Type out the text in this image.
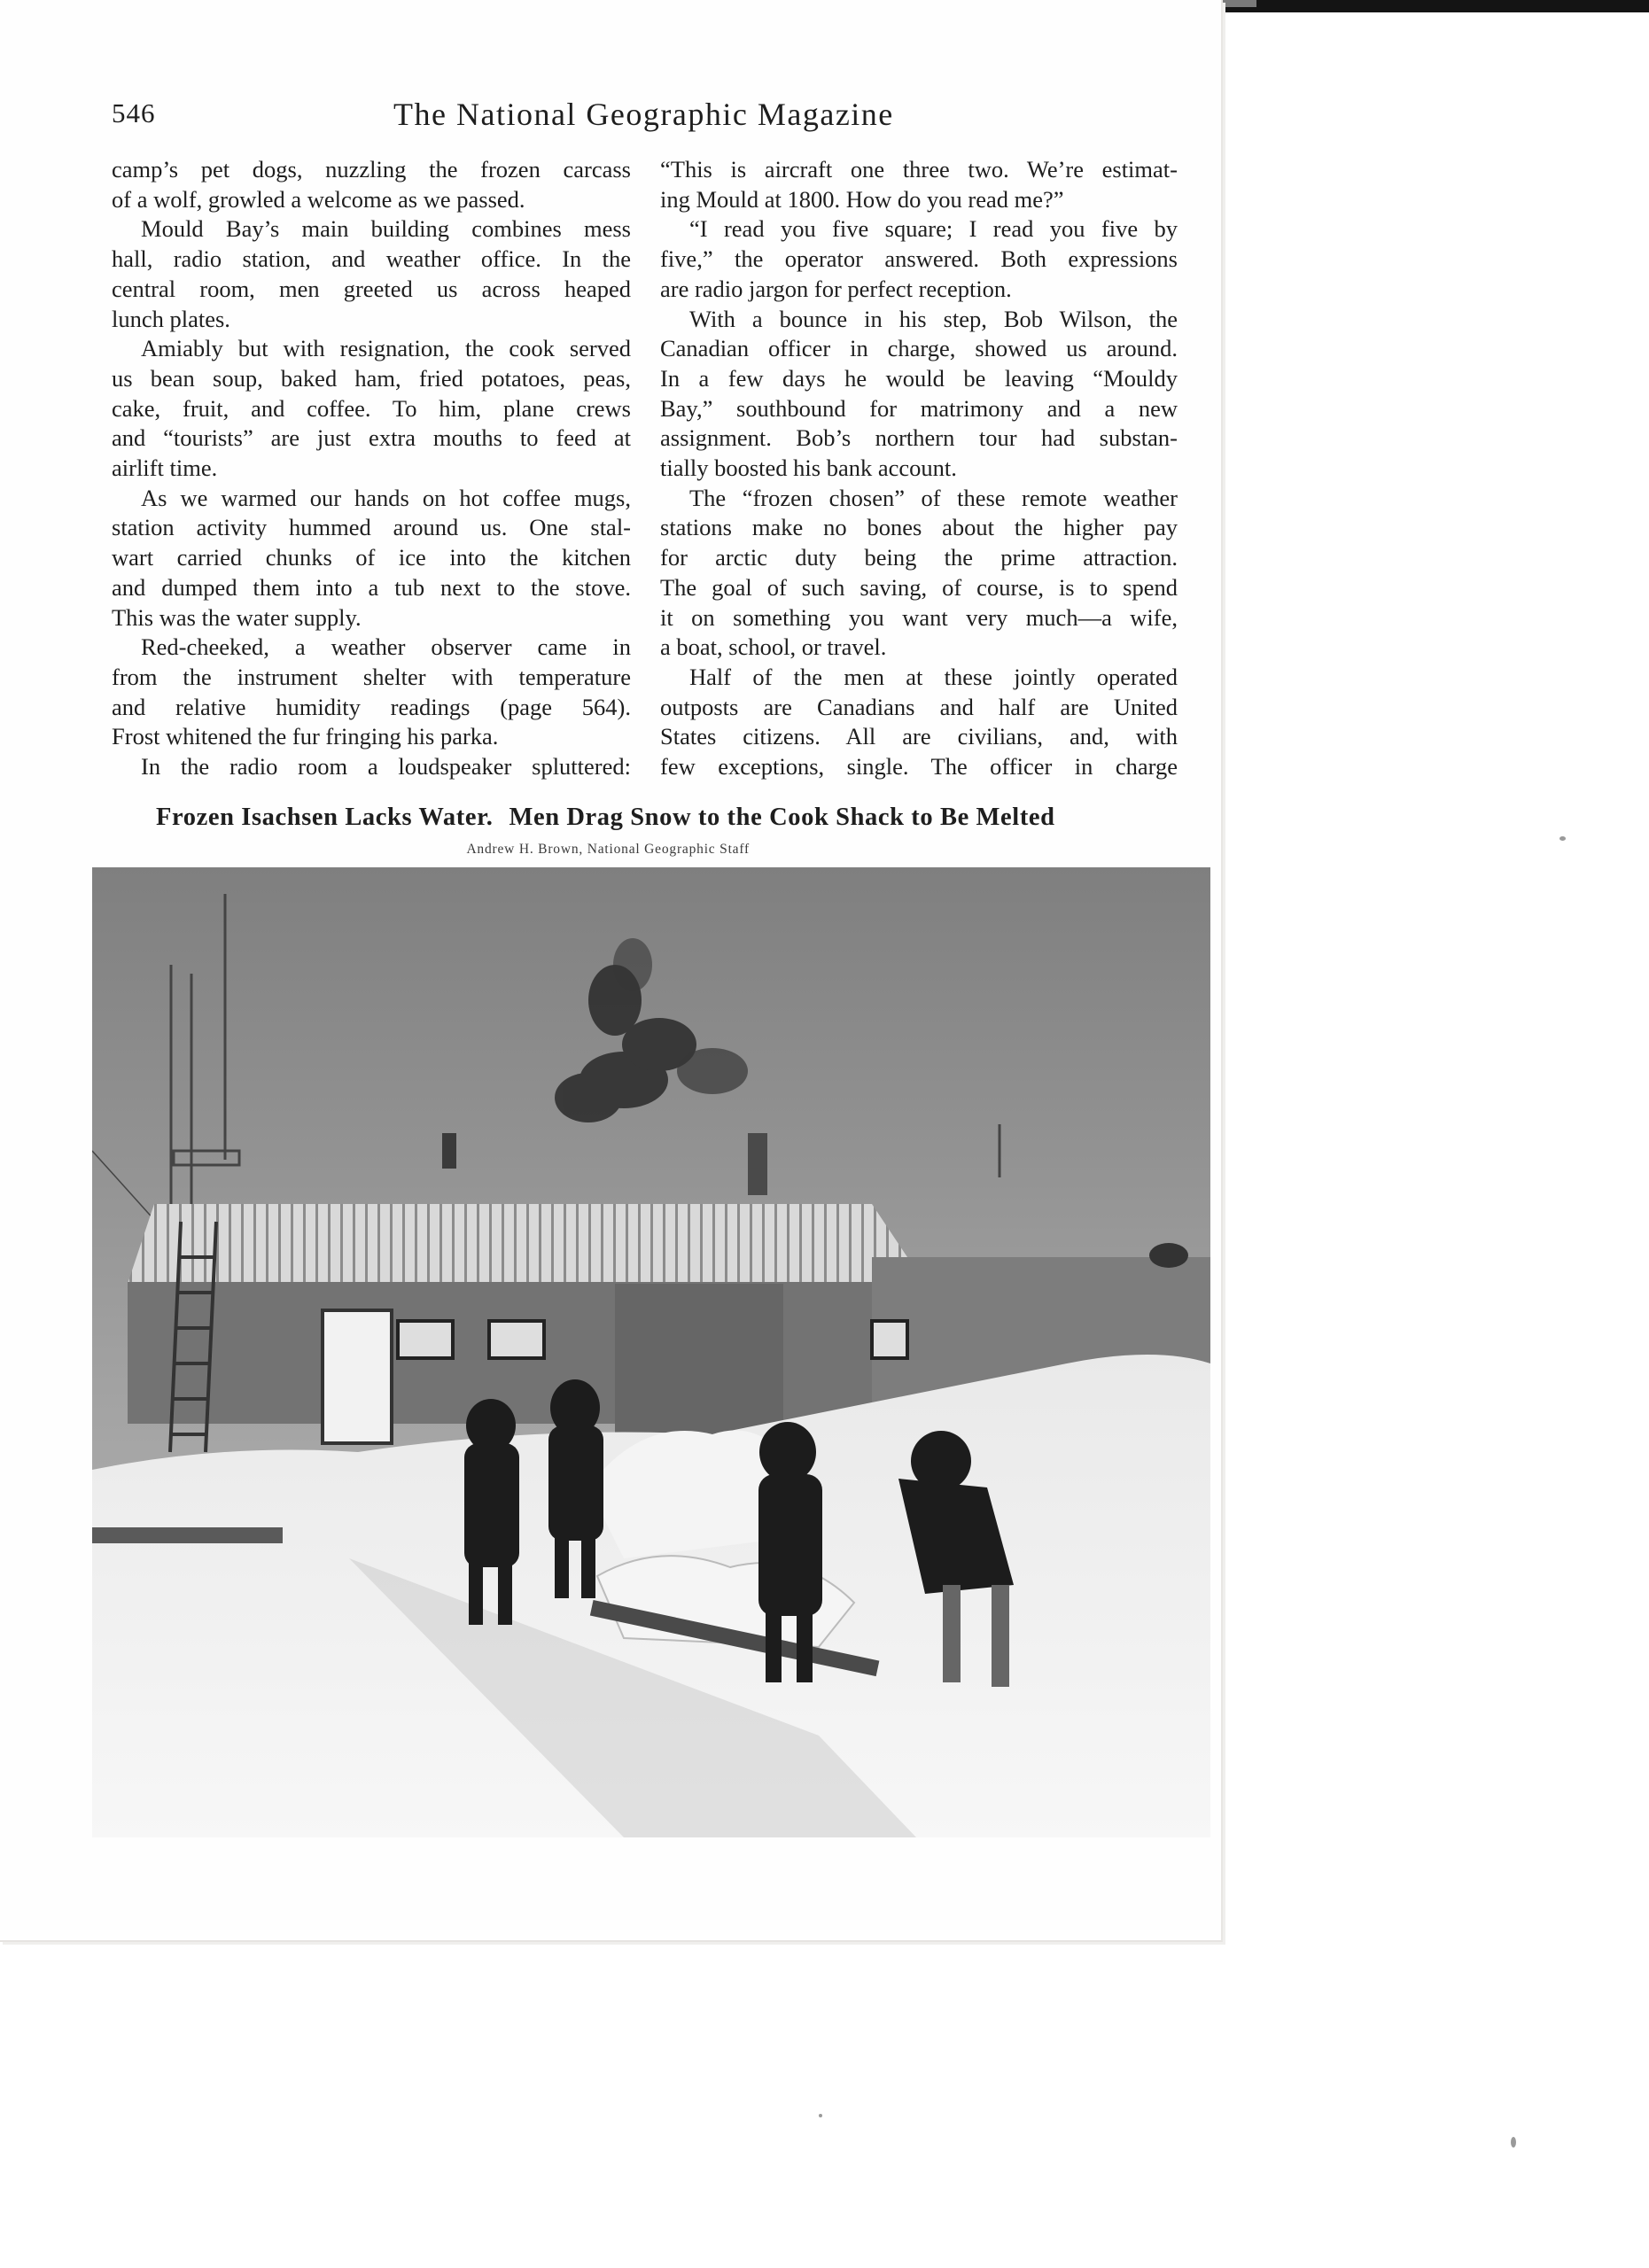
546	The National Geographic Magazine
camp’s pet dogs, nuzzling the frozen carcass
of a wolf, growled a welcome as we passed.
Mould Bay’s main building combines mess
hall, radio station, and weather office. In the
central room, men greeted us across heaped
lunch plates.
Amiably but with resignation, the cook served
us bean soup, baked ham, fried potatoes, peas,
cake, fruit, and coffee. To him, plane crews
and “tourists” are just extra mouths to feed at
airlift time.
As we warmed our hands on hot coffee mugs,
station activity hummed around us. One stal-
wart carried chunks of ice into the kitchen
and dumped them into a tub next to the stove.
This was the water supply.
Red-cheeked, a weather observer came in
from the instrument shelter with temperature
and relative humidity readings (page 564).
Frost whitened the fur fringing his parka.
In the radio room a loudspeaker spluttered:
“This is aircraft one three two. We’re estimat-
ing Mould at 1800. How do you read me?”
“I read you five square; I read you five by
five,” the operator answered. Both expressions
are radio jargon for perfect reception.
With a bounce in his step, Bob Wilson, the
Canadian officer in charge, showed us around.
In a few days he would be leaving “Mouldy
Bay,” southbound for matrimony and a new
assignment. Bob’s northern tour had substan-
tially boosted his bank account.
The “frozen chosen” of these remote weather
stations make no bones about the higher pay
for arctic duty being the prime attraction.
The goal of such saving, of course, is to spend
it on something you want very much—a wife,
a boat, school, or travel.
Half of the men at these jointly operated
outposts are Canadians and half are United
States citizens. All are civilians, and, with
few exceptions, single. The officer in charge
Frozen Isachsen Lacks Water. Men Drag Snow to the Cook Shack to Be Melted
Andrew H. Brown, National Geographic Staff
